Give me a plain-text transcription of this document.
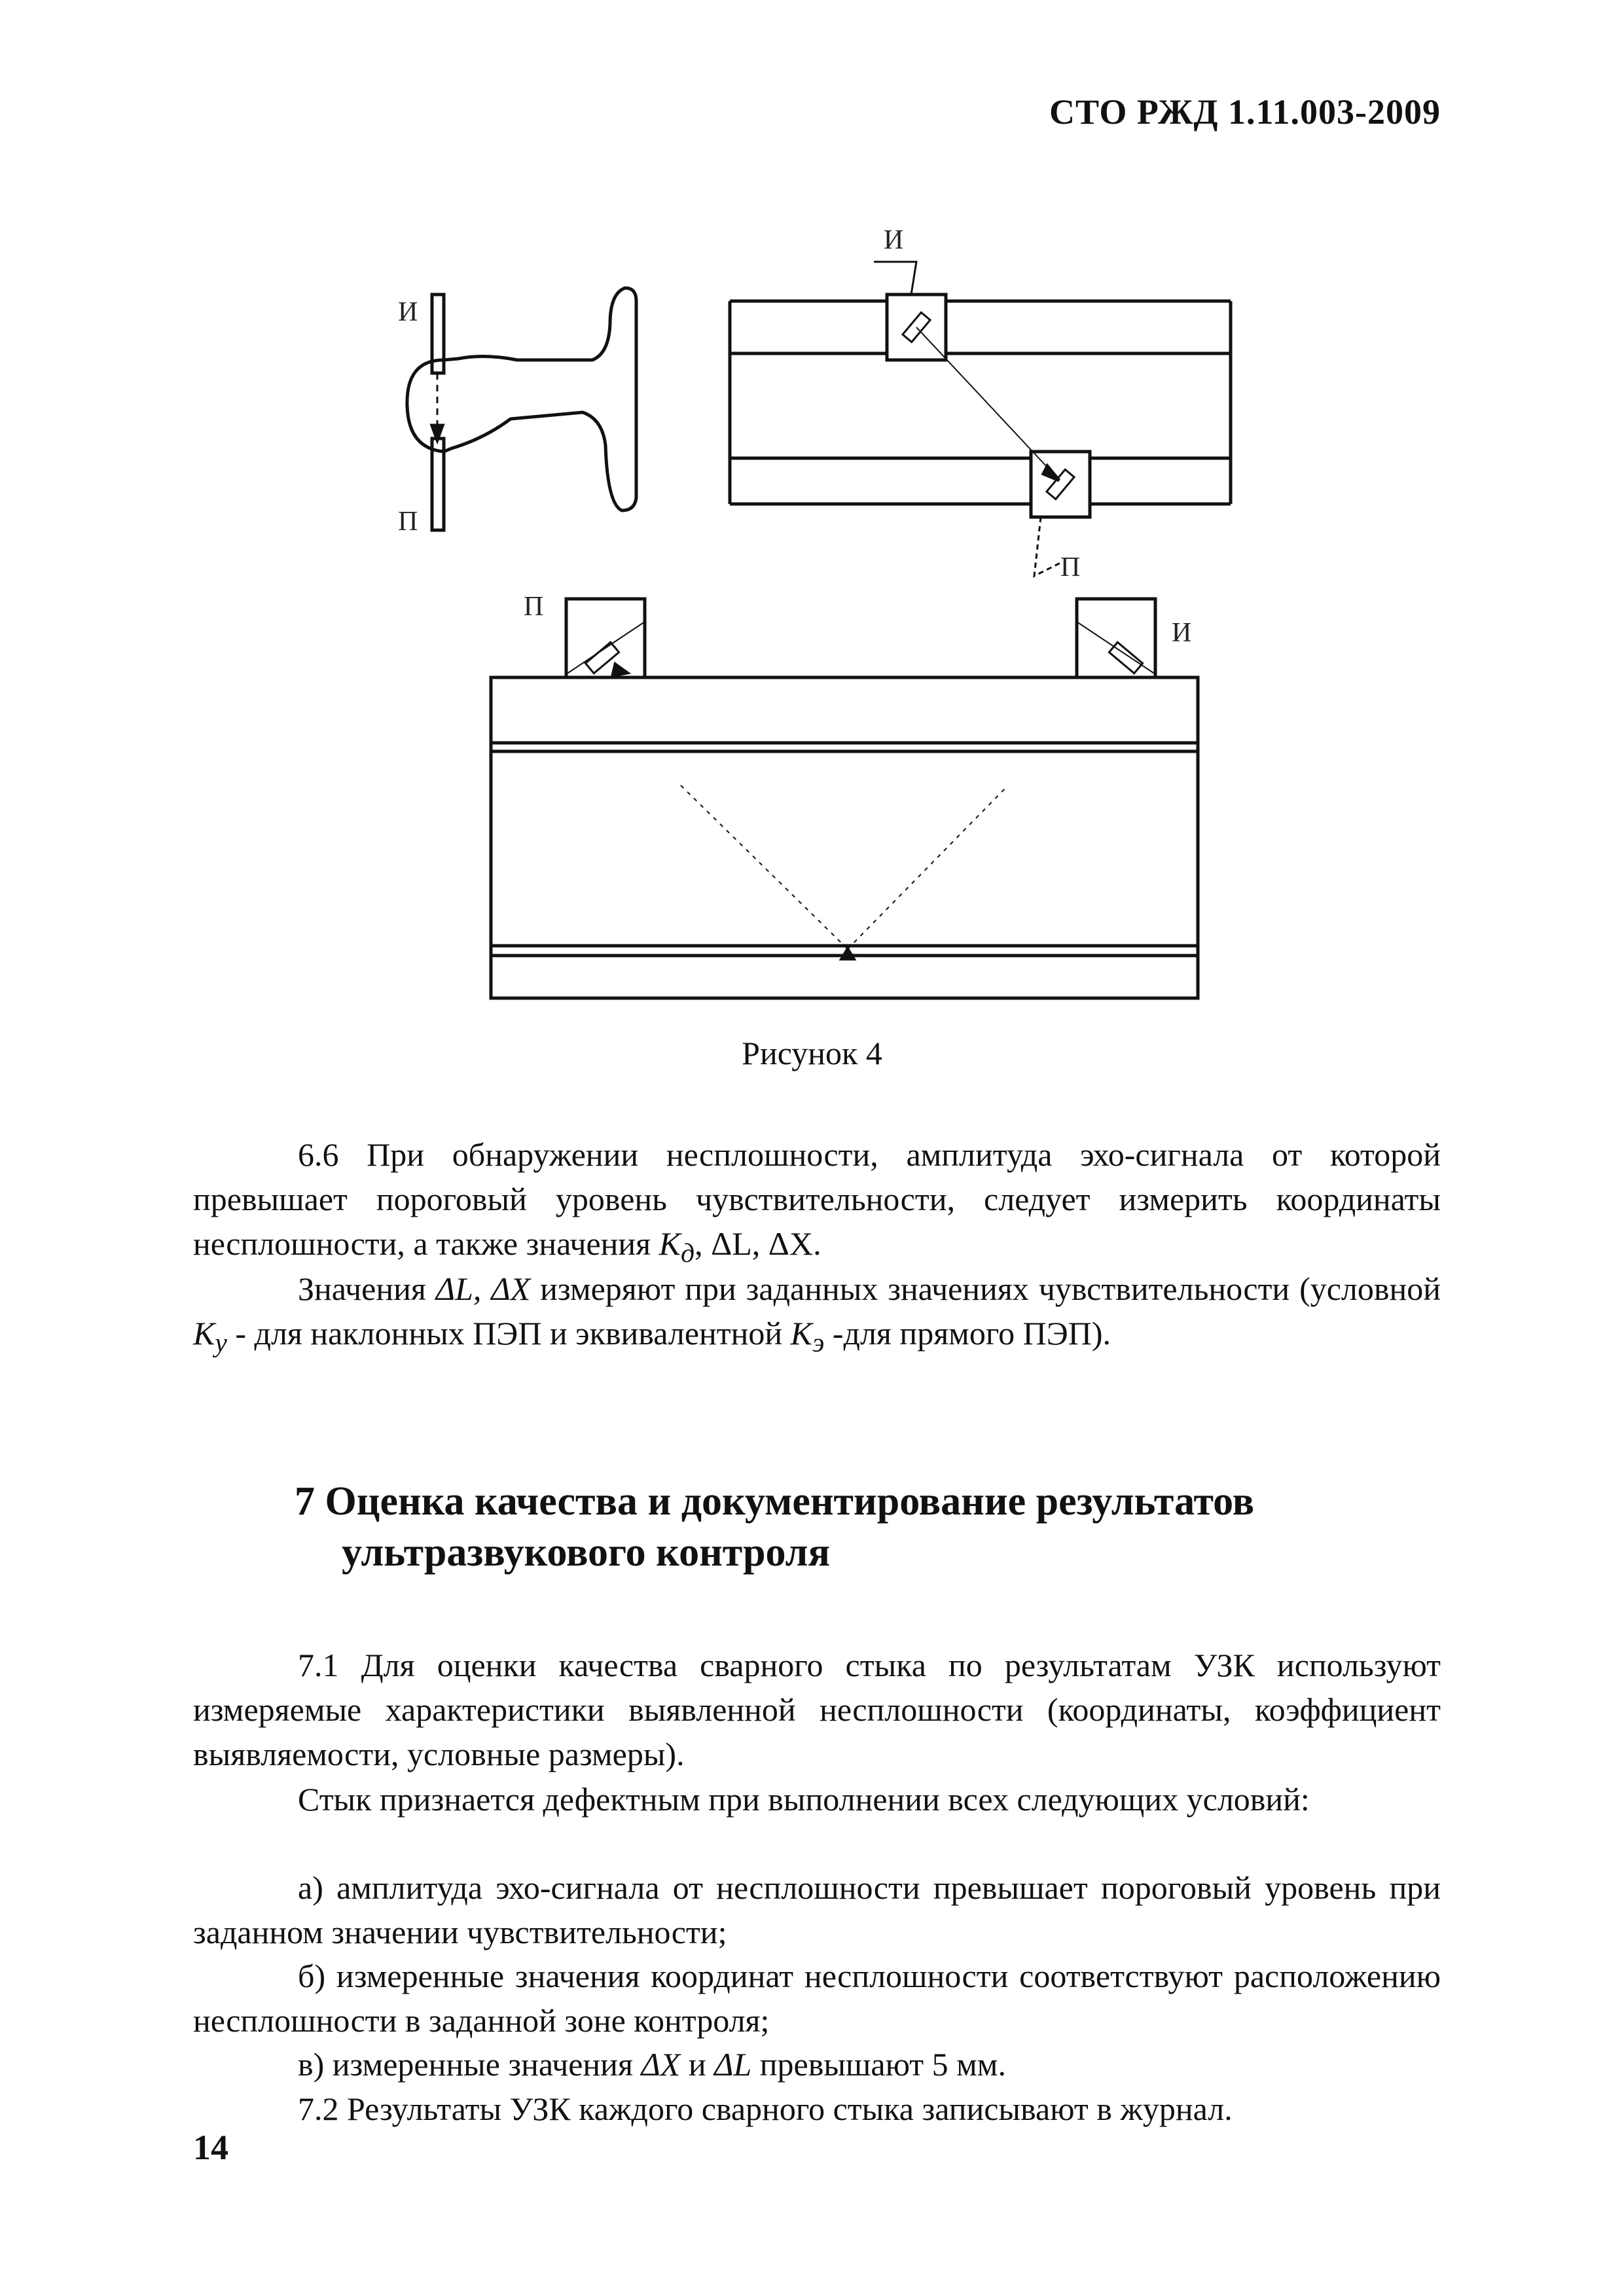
СТО РЖД 1.11.003-2009
И
П
И
П
П
И
Рисунок 4
6.6 При обнаружении несплошности, амплитуда эхо-сигнала от которой превышает пороговый уровень чувствительности, следует измерить координаты несплошности, а также значения $K_д$, ΔL, ΔX.
Значения ΔL, ΔX измеряют при заданных значениях чувствительности (условной $K_у$ - для наклонных ПЭП и эквивалентной $K_э$ -для прямого ПЭП).
7 Оценка качества и документирование результатов
ультразвукового контроля
7.1 Для оценки качества сварного стыка по результатам УЗК используют измеряемые характеристики выявленной несплошности (координаты, коэффициент выявляемости, условные размеры).
Стык признается дефектным при выполнении всех следующих условий:
а) амплитуда эхо-сигнала от несплошности превышает пороговый уровень при заданном значении чувствительности;
б) измеренные значения координат несплошности соответствуют расположению несплошности в заданной зоне контроля;
в) измеренные значения ΔX и ΔL превышают 5 мм.
7.2 Результаты УЗК каждого сварного стыка записывают в журнал.
14
